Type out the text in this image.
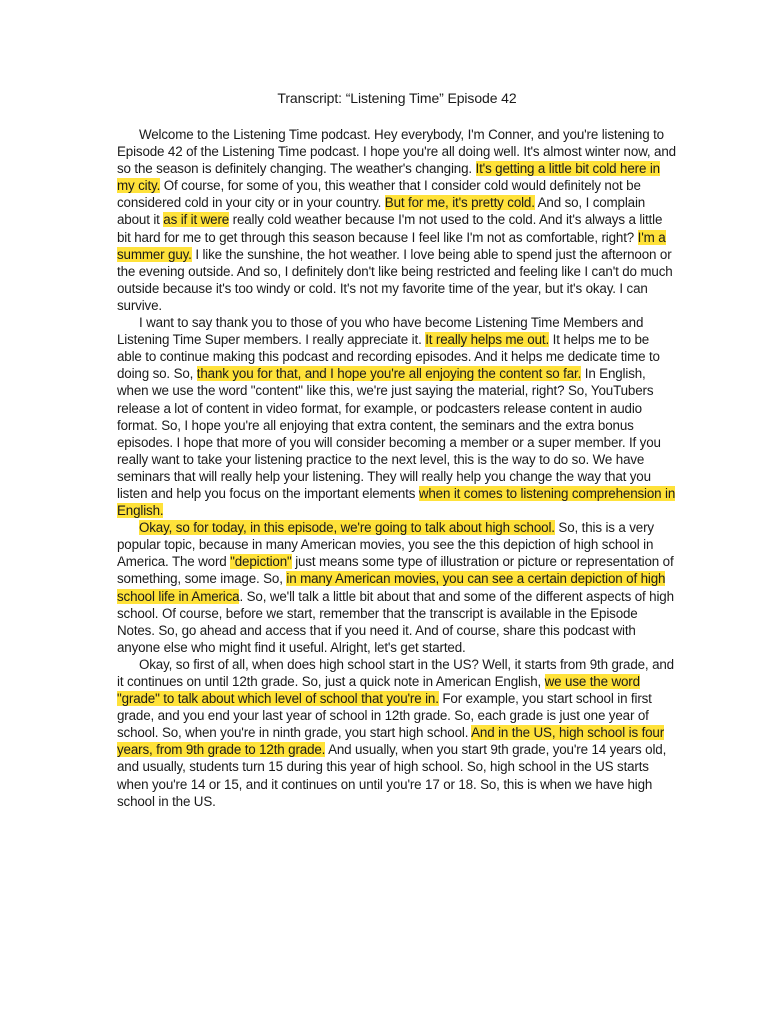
Transcript: “Listening Time” Episode 42

Welcome to the Listening Time podcast. Hey everybody, I'm Conner, and you're listening to Episode 42 of the Listening Time podcast. I hope you're all doing well. It's almost winter now, and so the season is definitely changing. The weather's changing. It's getting a little bit cold here in my city. Of course, for some of you, this weather that I consider cold would definitely not be considered cold in your city or in your country. But for me, it's pretty cold. And so, I complain about it as if it were really cold weather because I'm not used to the cold. And it's always a little bit hard for me to get through this season because I feel like I'm not as comfortable, right? I'm a summer guy. I like the sunshine, the hot weather. I love being able to spend just the afternoon or the evening outside. And so, I definitely don't like being restricted and feeling like I can't do much outside because it's too windy or cold. It's not my favorite time of the year, but it's okay. I can survive.

I want to say thank you to those of you who have become Listening Time Members and Listening Time Super members. I really appreciate it. It really helps me out. It helps me to be able to continue making this podcast and recording episodes. And it helps me dedicate time to doing so. So, thank you for that, and I hope you're all enjoying the content so far. In English, when we use the word "content" like this, we're just saying the material, right? So, YouTubers release a lot of content in video format, for example, or podcasters release content in audio format. So, I hope you're all enjoying that extra content, the seminars and the extra bonus episodes. I hope that more of you will consider becoming a member or a super member. If you really want to take your listening practice to the next level, this is the way to do so. We have seminars that will really help your listening. They will really help you change the way that you listen and help you focus on the important elements when it comes to listening comprehension in English.

Okay, so for today, in this episode, we're going to talk about high school. So, this is a very popular topic, because in many American movies, you see the this depiction of high school in America. The word "depiction" just means some type of illustration or picture or representation of something, some image. So, in many American movies, you can see a certain depiction of high school life in America. So, we'll talk a little bit about that and some of the different aspects of high school. Of course, before we start, remember that the transcript is available in the Episode Notes. So, go ahead and access that if you need it. And of course, share this podcast with anyone else who might find it useful. Alright, let's get started.

Okay, so first of all, when does high school start in the US? Well, it starts from 9th grade, and it continues on until 12th grade. So, just a quick note in American English, we use the word "grade" to talk about which level of school that you're in. For example, you start school in first grade, and you end your last year of school in 12th grade. So, each grade is just one year of school. So, when you're in ninth grade, you start high school. And in the US, high school is four years, from 9th grade to 12th grade. And usually, when you start 9th grade, you're 14 years old, and usually, students turn 15 during this year of high school. So, high school in the US starts when you're 14 or 15, and it continues on until you're 17 or 18. So, this is when we have high school in the US.
